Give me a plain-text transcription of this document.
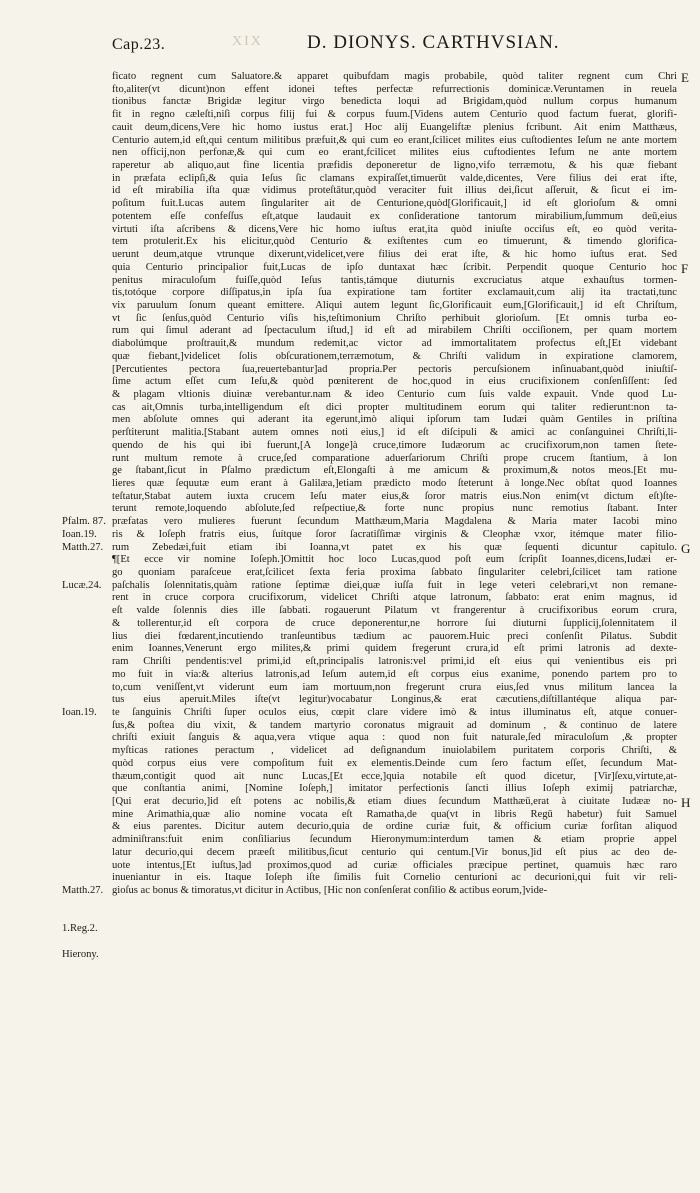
Cap.23.	XIX D. DIONYS. CARTHVSIAN.
ficato regnent cum Saluatore.& apparet quibufdam magis probabile, quòd taliter regnent cum Chri
fto,aliter(vt dicunt)non effent idonei teftes perfectæ refurrectionis dominicæ.Veruntamen in reuela
tionibus fanctæ Brigidæ legitur virgo benedicta loqui ad Brigidam,quòd nullum corpus humanum
fit in regno cæleſti,niſi corpus filij fui & corpus fuum.[Videns autem Centurio quod factum fuerat, glorifi-
cauit deum,dicens,Vere hic homo iustus erat.] Hoc alij Euangeliftæ plenius fcribunt. Ait enim Matthæus,
Centurio autem,id eſt,qui centum militibus præfuit,& qui cum eo erant,ſcilicet milites eius cuſtodientes Ieſum ne ante mortem
nen officij,non perfonæ,& qui cum eo erant,fcilicet milites eius cuftodientes Iefum ne ante mortem
raperetur ab aliquo,aut fine licentia præfidis deponeretur de ligno,vifo terræmotu, & his quæ fiebant
in præfata eclipſi,& quia Ieſus ſic clamans expiraſſet,timuerūt valde,dicentes, Vere filius dei erat ifte,
id eſt mirabilia iſta quæ vidimus proteſtātur,quòd veraciter fuit illius dei,ſicut aſſeruit, & ſicut ei im-
poſitum fuit.Lucas autem ſingulariter ait de Centurione,quòd[Glorificauit,] id eſt glorioſum & omni
potentem eſſe confeſſus eſt,atque laudauit ex conſideratione tantorum mirabilium,ſummum deū,eius
virtuti iſta aſcribens & dicens,Vere hic homo iuſtus erat,ita quòd iniuſte occiſus eſt, eo quòd verita-
tem protulerit.Ex his elicitur,quòd Centurio & exiſtentes cum eo timuerunt, & timendo glorifica-
uerunt deum,atque vtrunque dixerunt,videlicet,vere filius dei erat iſte, & hic homo iuſtus erat. Sed
quia Centurio principalior fuit,Lucas de ipſo duntaxat hæc ſcribit. Perpendit quoque Centurio hoc
penitus miraculoſum fuiſſe,quòd Ieſus tantis,támque diuturnis excruciatus atque exhauſtus tormen-
tis,totóque corpore diſſipatus,in ipſa ſua expiratione tam fortiter exclamauit,cum alij ita tractati,tunc
vix paruulum ſonum queant emittere. Aliqui autem legunt ſic,Glorificauit eum,[Glorificauit,] id eſt Chriſtum,
vt ſic ſenſus,quòd Centurio viſis his,teſtimonium Chriſto perhibuit glorioſum. [Et omnis turba eo-
rum qui ſimul aderant ad ſpectaculum iſtud,] id eſt ad mirabilem Chriſti occiſionem, per quam mortem
diabolúmque proſtrauit,& mundum redemit,ac victor ad immortalitatem profectus eſt,[Et videbant
quæ fiebant,]videlicet ſolis obſcurationem,terræmotum, & Chriſti validum in expiratione clamorem,
[Percutientes pectora ſua,reuertebantur]ad propria.Per pectoris percuſsionem inſinuabant,quòd iniuſtiſ-
ſime actum eſſet cum Ieſu,& quòd pœniterent de hoc,quod in eius crucifixionem conſenſiſſent: ſed
& plagam vltionis diuinæ verebantur.nam & ideo Centurio cum ſuis valde expauit. Vnde quod Lu-
cas ait,Omnis turba,intelligendum eſt dici propter multitudinem eorum qui taliter redierunt:non ta-
men abſolute omnes qui aderant ita egerunt,imò aliqui ipſorum tam Iudæi quàm Gentiles in priſtina
perſtiterunt malitia.[Stabant autem omnes noti eius,] id eſt diſcipuli & amici ac conſanguinei Chriſti,li-
quendo de his qui ibi fuerunt,[A longe]à cruce,timore Iudæorum ac crucifixorum,non tamen ſtete-
runt multum remote à cruce,ſed comparatione aduerſariorum Chriſti prope crucem ſtantium, à lon
ge ſtabant,ſicut in Pſalmo prædictum eſt,Elongaſti à me amicum & proximum,& notos meos.[Et mu-
lieres quæ ſequutæ eum erant à Galilæa,]etiam prædicto modo ſteterunt à longe.Nec obſtat quod Ioannes
teſtatur,Stabat autem iuxta crucem Ieſu mater eius,& ſoror matris eius.Non enim(vt dictum eſt)ſte-
terunt remote,loquendo abſolute,ſed reſpectiue,& forte nunc propius nunc remotius ſtabant. Inter
præfatas vero mulieres fuerunt ſecundum Matthæum,Maria Magdalena & Maria mater Iacobi mino
ris & Ioſeph fratris eius, ſuítque ſoror ſacratiſſimæ virginis & Cleophæ vxor, itémque mater filio-
rum Zebedæi,fuit etiam ibi Ioanna,vt patet ex his quæ ſequenti dicuntur capitulo.
¶[Et ecce vir nomine Ioſeph.]Omittit hoc loco Lucas,quod poſt eum ſcripſit Ioannes,dicens,Iudæi er-
go quoniam paraſceue erat,ſcilicet ſexta feria proxima ſabbato ſingulariter celebri,ſcilicet tam ratione
paſchalis ſolennitatis,quàm ratione ſeptimæ diei,quæ iuſſa fuit in lege veteri celebrari,vt non remane-
rent in cruce corpora crucifixorum, videlicet Chriſti atque latronum, ſabbato: erat enim magnus, id
eſt valde ſolennis dies ille ſabbati. rogauerunt Pilatum vt frangerentur à crucifixoribus eorum crura,
& tollerentur,id eſt corpora de cruce deponerentur,ne horrore ſui diuturni ſupplicij,ſolennitatem il
lius diei fœdarent,incutiendo tranſeuntibus tædium ac pauorem.Huic preci conſenſit Pilatus. Subdit
enim Ioannes,Venerunt ergo milites,& primi quidem fregerunt crura,id eſt primi latronis ad dexte-
ram Chriſti pendentis:vel primi,id eſt,principalis latronis:vel primi,id eſt eius qui venientibus eis pri
mo fuit in via:& alterius latronis,ad Ieſum autem,id eſt corpus eius exanime, ponendo partem pro to
to,cum veniſſent,vt viderunt eum iam mortuum,non fregerunt crura eius,ſed vnus militum lancea la
tus eius aperuit.Miles iſte(vt legitur)vocabatur Longinus,& erat cæcutiens,diſtillantéque aliqua par-
te ſanguinis Chriſti ſuper oculos eius, cœpit clare videre imò & intus illuminatus eſt, atque conuer-
ſus,& poſtea diu vixit, & tandem martyrio coronatus migrauit ad dominum , & continuo de latere
chriſti exiuit ſanguis & aqua,vera vtique aqua : quod non fuit naturale,ſed miraculoſum ,& propter
myſticas rationes peractum , videlicet ad deſignandum inuiolabilem puritatem corporis Chriſti, &
quòd corpus eius vere compoſitum fuit ex elementis.Deinde cum ſero factum eſſet, ſecundum Mat-
thæum,contigit quod ait nunc Lucas,[Et ecce,]quia notabile eſt quod dicetur, [Vir]ſexu,virtute,at-
que conſtantia animi, [Nomine Ioſeph,] imitator perfectionis ſancti illius Ioſeph eximij patriarchæ,
[Qui erat decurio,]id eſt potens ac nobilis,& etiam diues ſecundum Matthæū,erat à ciuitate Iudææ no-
mine Arimathia,quæ alio nomine vocata eſt Ramatha,de qua(vt in libris Regū habetur) fuit Samuel
& eius parentes. Dicitur autem decurio,quia de ordine curiæ fuit, & officium curiæ forſitan aliquod
adminiſtrans:fuit enim conſiliarius ſecundum Hieronymum:interdum tamen & etiam proprie appel
latur decurio,qui decem præeſt militibus,ſicut centurio qui centum.[Vir bonus,]id eſt pius ac deo de-
uote intentus,[Et iuſtus,]ad proximos,quod ad curiæ officiales præcipue pertinet, quamuis hæc raro
inueniantur in eis. Itaque Ioſeph iſte ſimilis fuit Cornelio centurioni ac decurioni,qui fuit vir reli-
gioſus ac bonus & timoratus,vt dicitur in Actibus, [Hic non conſenſerat conſilio & actibus eorum,]vide-
Pfalm. 87.
Ioan.19.
Matth.27.
Lucæ.24.
Ioan.19.
Matth.27.
1.Reg.2.
Hierony.
E
F
G
H
